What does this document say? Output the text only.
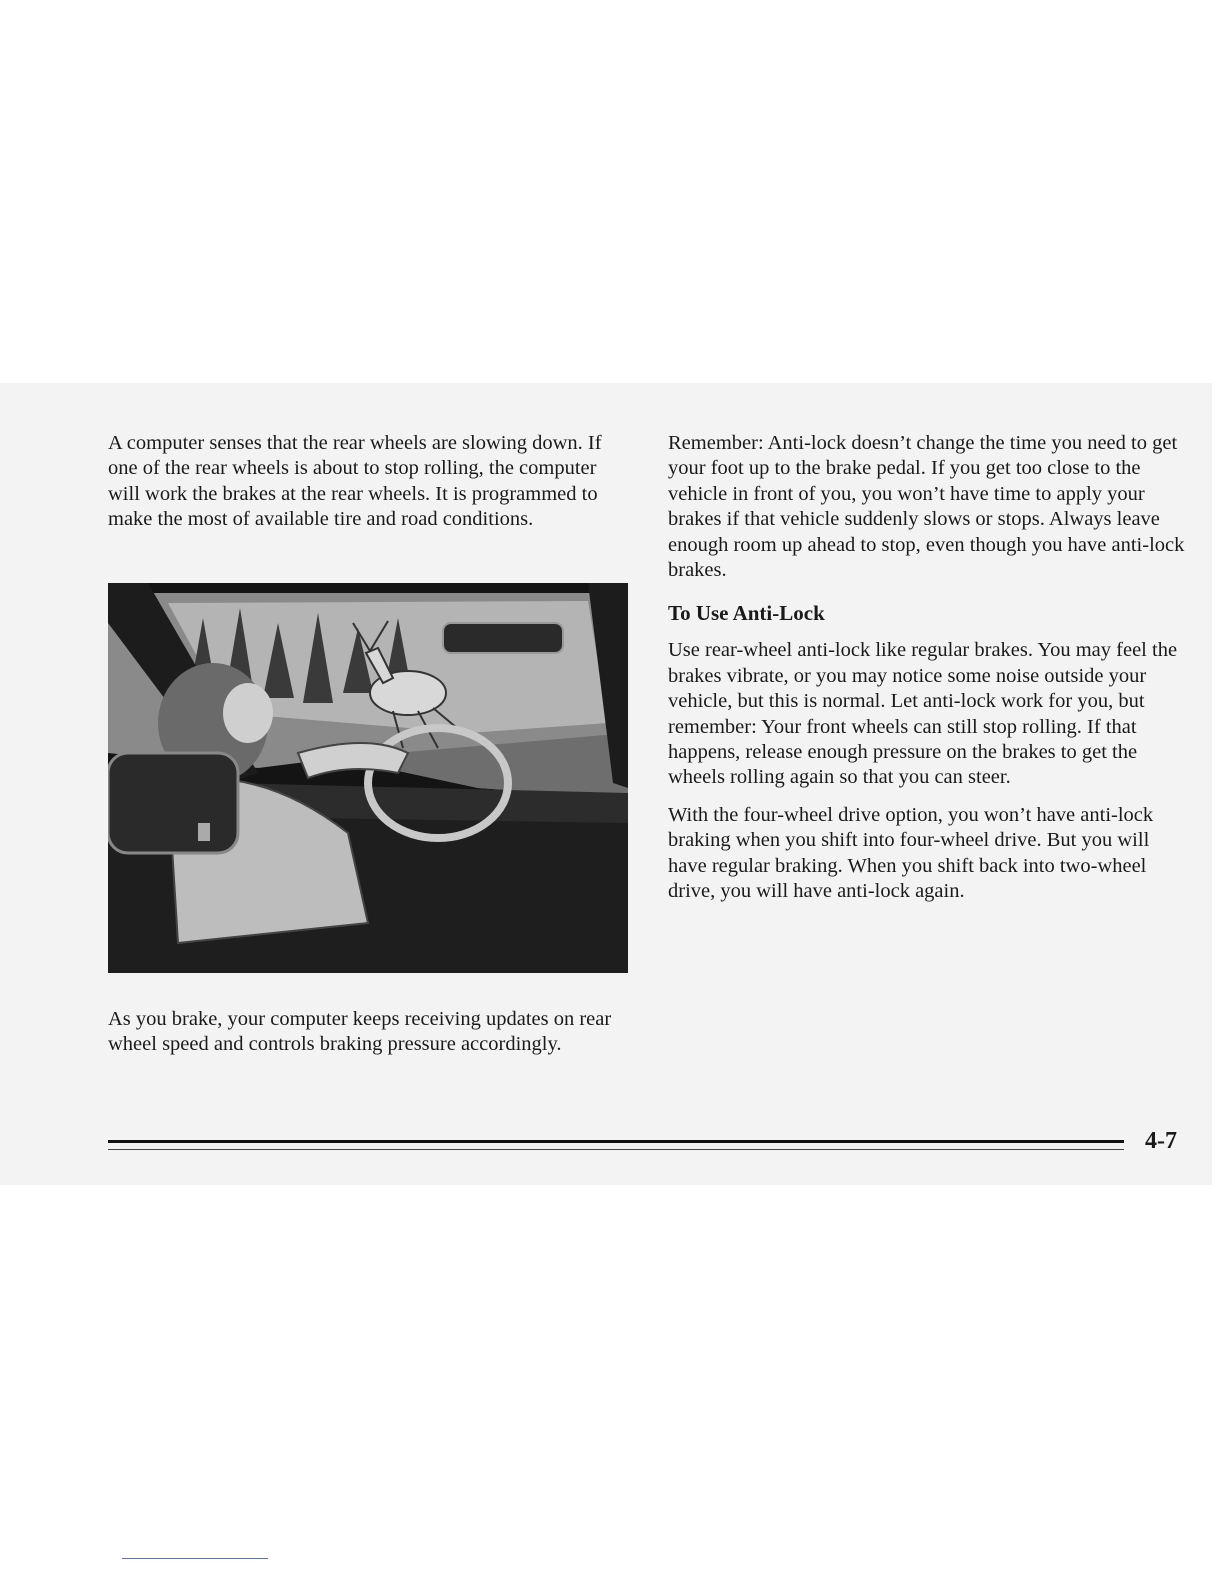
A computer senses that the rear wheels are slowing down. If one of the rear wheels is about to stop rolling, the computer will work the brakes at the rear wheels. It is programmed to make the most of available tire and road conditions.

As you brake, your computer keeps receiving updates on rear wheel speed and controls braking pressure accordingly.

Remember: Anti-lock doesn’t change the time you need to get your foot up to the brake pedal. If you get too close to the vehicle in front of you, you won’t have time to apply your brakes if that vehicle suddenly slows or stops. Always leave enough room up ahead to stop, even though you have anti-lock brakes.

To Use Anti-Lock

Use rear-wheel anti-lock like regular brakes. You may feel the brakes vibrate, or you may notice some noise outside your vehicle, but this is normal. Let anti-lock work for you, but remember: Your front wheels can still stop rolling. If that happens, release enough pressure on the brakes to get the wheels rolling again so that you can steer.

With the four-wheel drive option, you won’t have anti-lock braking when you shift into four-wheel drive. But you will have regular braking. When you shift back into two-wheel drive, you will have anti-lock again.

4-7
